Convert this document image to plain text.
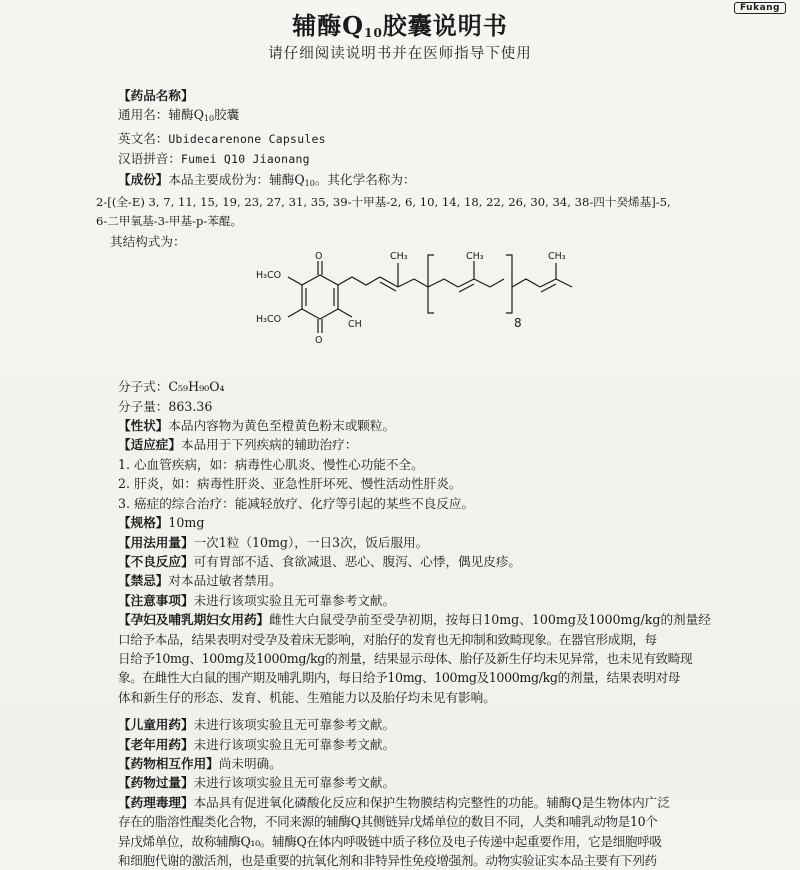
Fukang
辅酶$Q_{10}$胶囊说明书
请仔细阅读说明书并在医师指导下使用

【药品名称】

通用名：辅酶Q10胶囊

英文名：Ubidecarenone Capsules

汉语拼音：Fumei Q10 Jiaonang

【成份】本品主要成份为：辅酶Q10。其化学名称为：

2-[(全-E) 3, 7, 11, 15, 19, 23, 27, 31, 35, 39-十甲基-2, 6, 10, 14, 18, 22, 26, 30, 34, 38-四十癸烯基]-5,

6-二甲氧基-3-甲基-p-苯醌。

其结构式为：

H₃CO
H₃CO
O
O
CH
CH₃	CH₃	CH₃
8

分子式：C₅₉H₉₀O₄

分子量：863.36

【性状】本品内容物为黄色至橙黄色粉末或颗粒。

【适应症】本品用于下列疾病的辅助治疗：

1. 心血管疾病，如：病毒性心肌炎、慢性心功能不全。

2. 肝炎，如：病毒性肝炎、亚急性肝坏死、慢性活动性肝炎。

3. 癌症的综合治疗：能减轻放疗、化疗等引起的某些不良反应。

【规格】10mg

【用法用量】一次1粒（10mg），一日3次，饭后服用。

【不良反应】可有胃部不适、食欲减退、恶心、腹泻、心悸，偶见皮疹。

【禁忌】对本品过敏者禁用。

【注意事项】未进行该项实验且无可靠参考文献。

【孕妇及哺乳期妇女用药】雌性大白鼠受孕前至受孕初期，按每日10mg、100mg及1000mg/kg的剂量经

口给予本品，结果表明对受孕及着床无影响，对胎仔的发育也无抑制和致畸现象。在器官形成期，每

日给予10mg、100mg及1000mg/kg的剂量，结果显示母体、胎仔及新生仔均未见异常，也未见有致畸现

象。在雌性大白鼠的围产期及哺乳期内，每日给予10mg、100mg及1000mg/kg的剂量，结果表明对母

体和新生仔的形态、发育、机能、生殖能力以及胎仔均未见有影响。

【儿童用药】未进行该项实验且无可靠参考文献。

【老年用药】未进行该项实验且无可靠参考文献。

【药物相互作用】尚未明确。

【药物过量】未进行该项实验且无可靠参考文献。

【药理毒理】本品具有促进氧化磷酸化反应和保护生物膜结构完整性的功能。辅酶Q是生物体内广泛

存在的脂溶性醌类化合物，不同来源的辅酶Q其侧链异戊烯单位的数目不同，人类和哺乳动物是10个

异戊烯单位，故称辅酶Q₁₀。辅酶Q在体内呼吸链中质子移位及电子传递中起重要作用，它是细胞呼吸

和细胞代谢的激活剂，也是重要的抗氧化剂和非特异性免疫增强剂。动物实验证实本品主要有下列药
